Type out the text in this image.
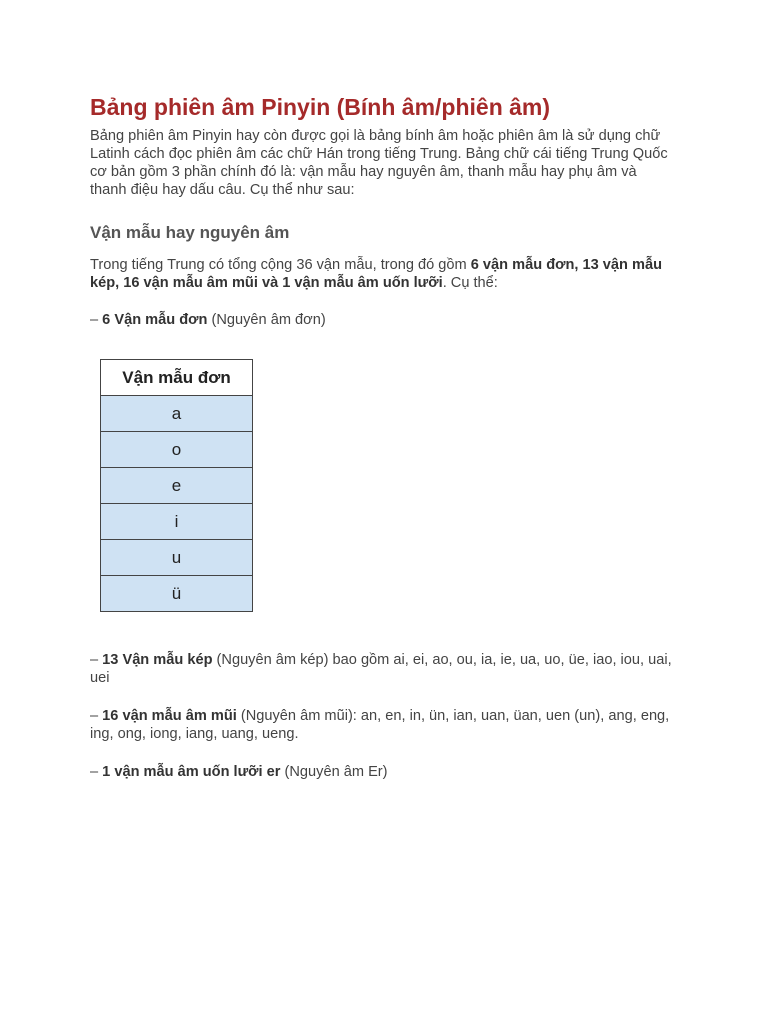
Bảng phiên âm Pinyin (Bính âm/phiên âm)

Bảng phiên âm Pinyin hay còn được gọi là bảng bính âm hoặc phiên âm là sử dụng chữ Latinh cách đọc phiên âm các chữ Hán trong tiếng Trung. Bảng chữ cái tiếng Trung Quốc cơ bản gồm 3 phần chính đó là: vận mẫu hay nguyên âm, thanh mẫu hay phụ âm và thanh điệu hay dấu câu. Cụ thể như sau:

Vận mẫu hay nguyên âm

Trong tiếng Trung có tổng cộng 36 vận mẫu, trong đó gồm 6 vận mẫu đơn, 13 vận mẫu kép, 16 vận mẫu âm mũi và 1 vận mẫu âm uốn lưỡi. Cụ thể:

– 6 Vận mẫu đơn (Nguyên âm đơn)

Vận mẫu đơn
a
o
e
i
u
ü

– 13 Vận mẫu kép (Nguyên âm kép) bao gồm ai, ei, ao, ou, ia, ie, ua, uo, üe, iao, iou, uai, uei

– 16 vận mẫu âm mũi (Nguyên âm mũi): an, en, in, ün, ian, uan, üan, uen (un), ang, eng, ing, ong, iong, iang, uang, ueng.

– 1 vận mẫu âm uốn lưỡi er (Nguyên âm Er)
